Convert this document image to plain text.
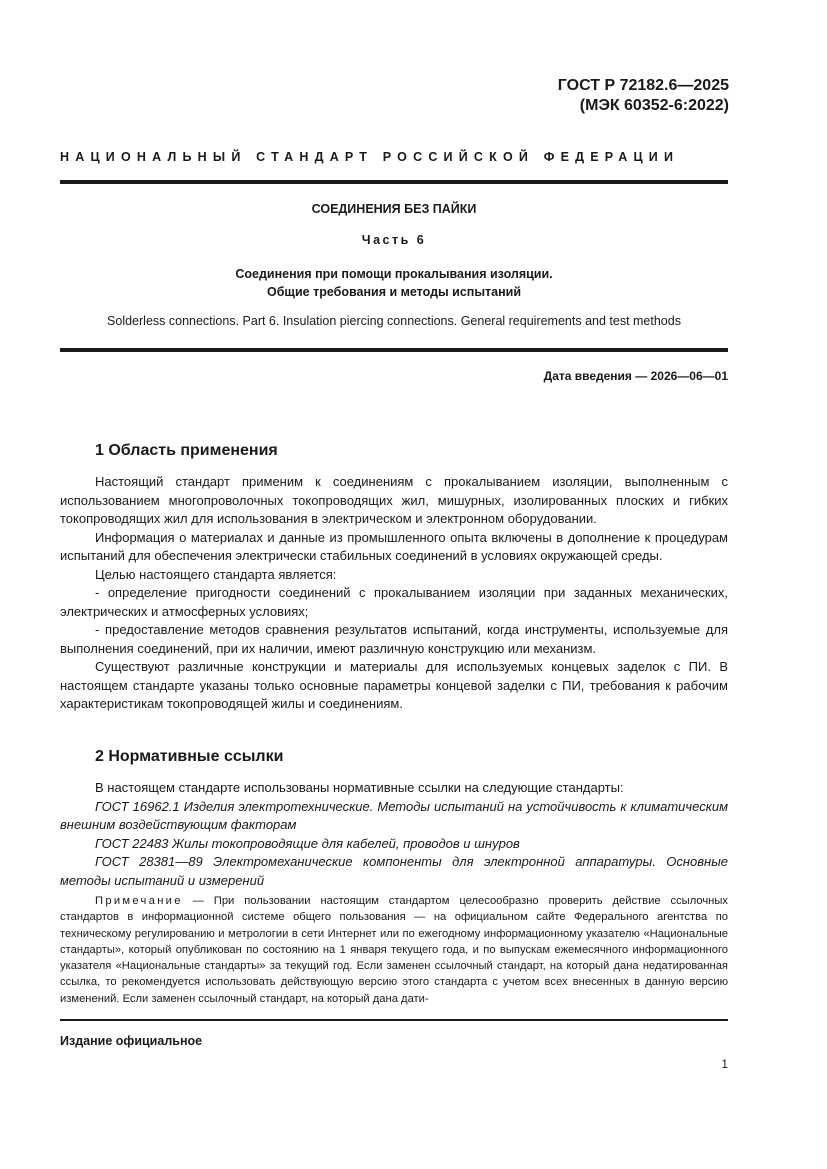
ГОСТ Р 72182.6—2025
(МЭК 60352-6:2022)
НАЦИОНАЛЬНЫЙ СТАНДАРТ РОССИЙСКОЙ ФЕДЕРАЦИИ
СОЕДИНЕНИЯ БЕЗ ПАЙКИ
Часть 6
Соединения при помощи прокалывания изоляции.
Общие требования и методы испытаний
Solderless connections. Part 6. Insulation piercing connections. General requirements and test methods
Дата введения — 2026—06—01
1 Область применения

Настоящий стандарт применим к соединениям с прокалыванием изоляции, выполненным с использованием многопроволочных токопроводящих жил, мишурных, изолированных плоских и гибких токопроводящих жил для использования в электрическом и электронном оборудовании.

Информация о материалах и данные из промышленного опыта включены в дополнение к процедурам испытаний для обеспечения электрически стабильных соединений в условиях окружающей среды.

Целью настоящего стандарта является:

- определение пригодности соединений с прокалыванием изоляции при заданных механических, электрических и атмосферных условиях;

- предоставление методов сравнения результатов испытаний, когда инструменты, используемые для выполнения соединений, при их наличии, имеют различную конструкцию или механизм.

Существуют различные конструкции и материалы для используемых концевых заделок с ПИ. В настоящем стандарте указаны только основные параметры концевой заделки с ПИ, требования к рабочим характеристикам токопроводящей жилы и соединениям.

2 Нормативные ссылки

В настоящем стандарте использованы нормативные ссылки на следующие стандарты:

ГОСТ 16962.1 Изделия электротехнические. Методы испытаний на устойчивость к климатическим внешним воздействующим факторам

ГОСТ 22483 Жилы токопроводящие для кабелей, проводов и шнуров

ГОСТ 28381—89 Электромеханические компоненты для электронной аппаратуры. Основные методы испытаний и измерений

Примечание — При пользовании настоящим стандартом целесообразно проверить действие ссылочных стандартов в информационной системе общего пользования — на официальном сайте Федерального агентства по техническому регулированию и метрологии в сети Интернет или по ежегодному информационному указателю «Национальные стандарты», который опубликован по состоянию на 1 января текущего года, и по выпускам ежемесячного информационного указателя «Национальные стандарты» за текущий год. Если заменен ссылочный стандарт, на который дана недатированная ссылка, то рекомендуется использовать действующую версию этого стандарта с учетом всех внесенных в данную версию изменений. Если заменен ссылочный стандарт, на который дана дати-
Издание официальное
1
